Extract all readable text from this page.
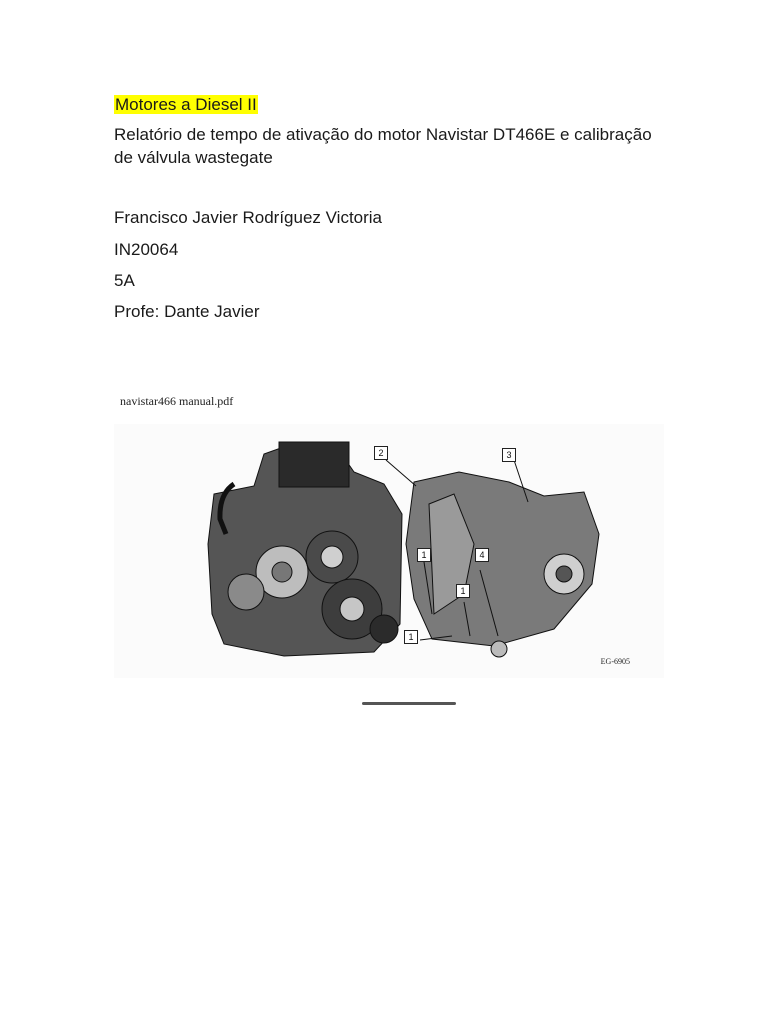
Motores a Diesel II

Relatório de tempo de ativação do motor Navistar DT466E e calibração de válvula wastegate

Francisco Javier Rodríguez Victoria

IN20064

5A

Profe: Dante Javier

navistar466 manual.pdf
2	3
1	4
1
1
EG-6905
